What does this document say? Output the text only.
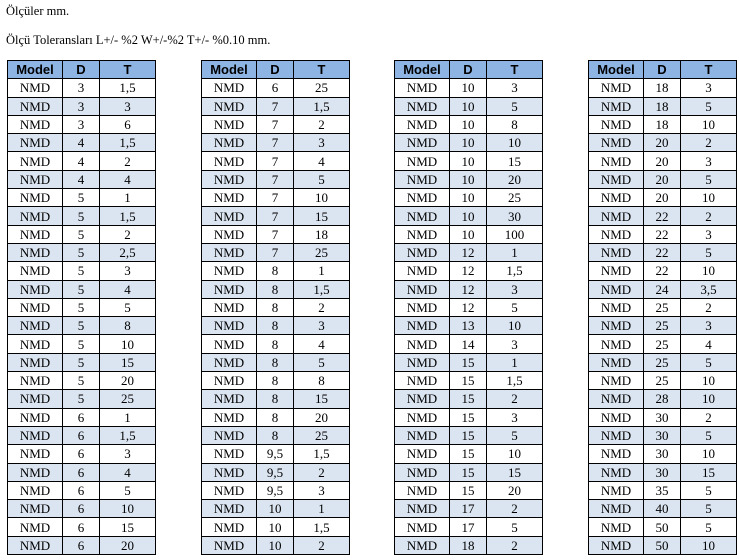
Ölçüler mm.
Ölçü Toleransları L+/- %2 W+/-%2 T+/- %0.10 mm.
Model	D	T
NMD	3	1,5
NMD	3	3
NMD	3	6
NMD	4	1,5
NMD	4	2
NMD	4	4
NMD	5	1
NMD	5	1,5
NMD	5	2
NMD	5	2,5
NMD	5	3
NMD	5	4
NMD	5	5
NMD	5	8
NMD	5	10
NMD	5	15
NMD	5	20
NMD	5	25
NMD	6	1
NMD	6	1,5
NMD	6	3
NMD	6	4
NMD	6	5
NMD	6	10
NMD	6	15
NMD	6	20
Model	D	T
NMD	6	25
NMD	7	1,5
NMD	7	2
NMD	7	3
NMD	7	4
NMD	7	5
NMD	7	10
NMD	7	15
NMD	7	18
NMD	7	25
NMD	8	1
NMD	8	1,5
NMD	8	2
NMD	8	3
NMD	8	4
NMD	8	5
NMD	8	8
NMD	8	15
NMD	8	20
NMD	8	25
NMD	9,5	1,5
NMD	9,5	2
NMD	9,5	3
NMD	10	1
NMD	10	1,5
NMD	10	2
Model	D	T
NMD	10	3
NMD	10	5
NMD	10	8
NMD	10	10
NMD	10	15
NMD	10	20
NMD	10	25
NMD	10	30
NMD	10	100
NMD	12	1
NMD	12	1,5
NMD	12	3
NMD	12	5
NMD	13	10
NMD	14	3
NMD	15	1
NMD	15	1,5
NMD	15	2
NMD	15	3
NMD	15	5
NMD	15	10
NMD	15	15
NMD	15	20
NMD	17	2
NMD	17	5
NMD	18	2
Model	D	T
NMD	18	3
NMD	18	5
NMD	18	10
NMD	20	2
NMD	20	3
NMD	20	5
NMD	20	10
NMD	22	2
NMD	22	3
NMD	22	5
NMD	22	10
NMD	24	3,5
NMD	25	2
NMD	25	3
NMD	25	4
NMD	25	5
NMD	25	10
NMD	28	10
NMD	30	2
NMD	30	5
NMD	30	10
NMD	30	15
NMD	35	5
NMD	40	5
NMD	50	5
NMD	50	10
